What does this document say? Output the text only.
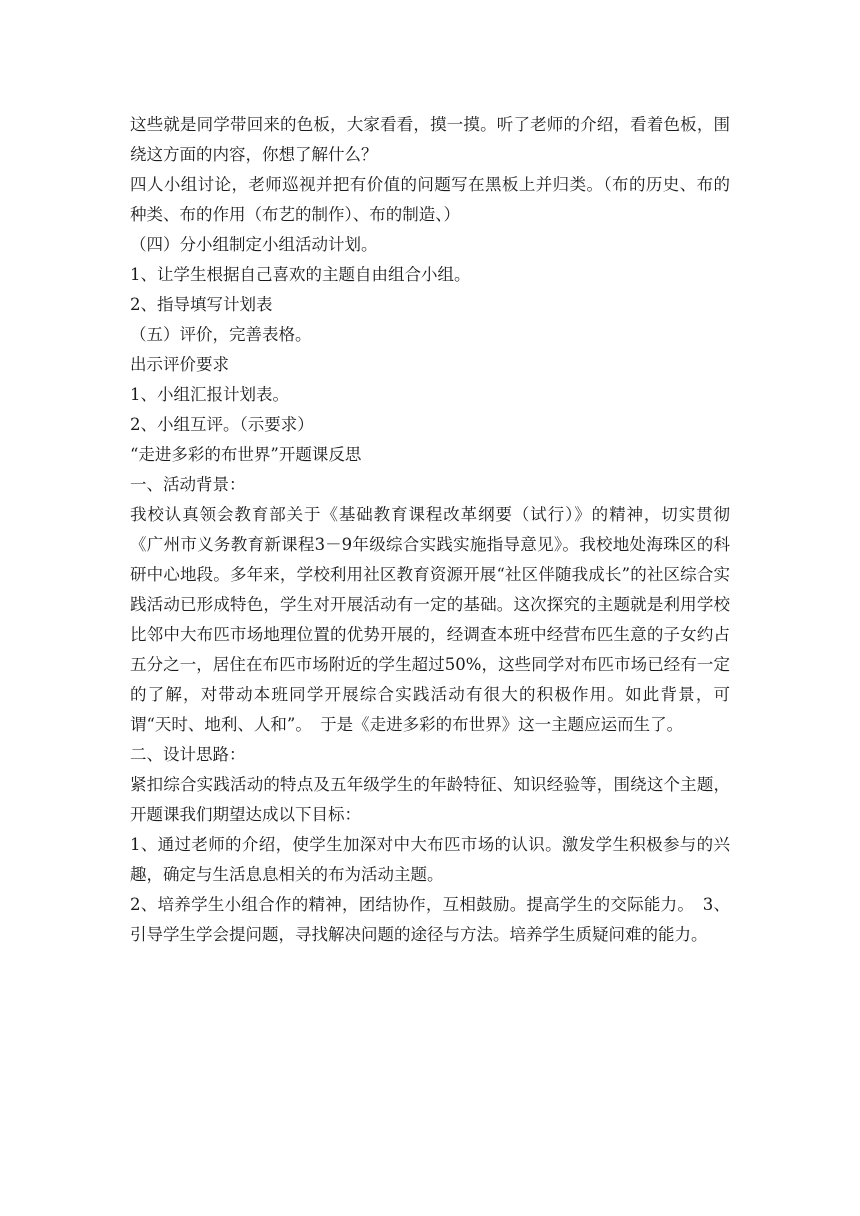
这些就是同学带回来的色板，大家看看，摸一摸。听了老师的介绍，看着色板，围绕这方面的内容，你想了解什么？

四人小组讨论，老师巡视并把有价值的问题写在黑板上并归类。（布的历史、布的种类、布的作用（布艺的制作）、布的制造、）

（四）分小组制定小组活动计划。

1、让学生根据自己喜欢的主题自由组合小组。

2、指导填写计划表

（五）评价，完善表格。

出示评价要求

1、小组汇报计划表。

2、小组互评。（示要求）

“走进多彩的布世界”开题课反思

一、活动背景：

我校认真领会教育部关于《基础教育课程改革纲要（试行）》的精神，切实贯彻《广州市义务教育新课程3－9年级综合实践实施指导意见》。我校地处海珠区的科研中心地段。多年来，学校利用社区教育资源开展“社区伴随我成长”的社区综合实践活动已形成特色，学生对开展活动有一定的基础。这次探究的主题就是利用学校比邻中大布匹市场地理位置的优势开展的，经调查本班中经营布匹生意的子女约占五分之一，居住在布匹市场附近的学生超过50%，这些同学对布匹市场已经有一定的了解，对带动本班同学开展综合实践活动有很大的积极作用。如此背景，可谓“天时、地利、人和”。　于是《走进多彩的布世界》这一主题应运而生了。

二、设计思路：

紧扣综合实践活动的特点及五年级学生的年龄特征、知识经验等，围绕这个主题，开题课我们期望达成以下目标：

1、通过老师的介绍，使学生加深对中大布匹市场的认识。激发学生积极参与的兴趣，确定与生活息息相关的布为活动主题。

2、培养学生小组合作的精神，团结协作，互相鼓励。提高学生的交际能力。　3、引导学生学会提问题，寻找解决问题的途径与方法。培养学生质疑问难的能力。
